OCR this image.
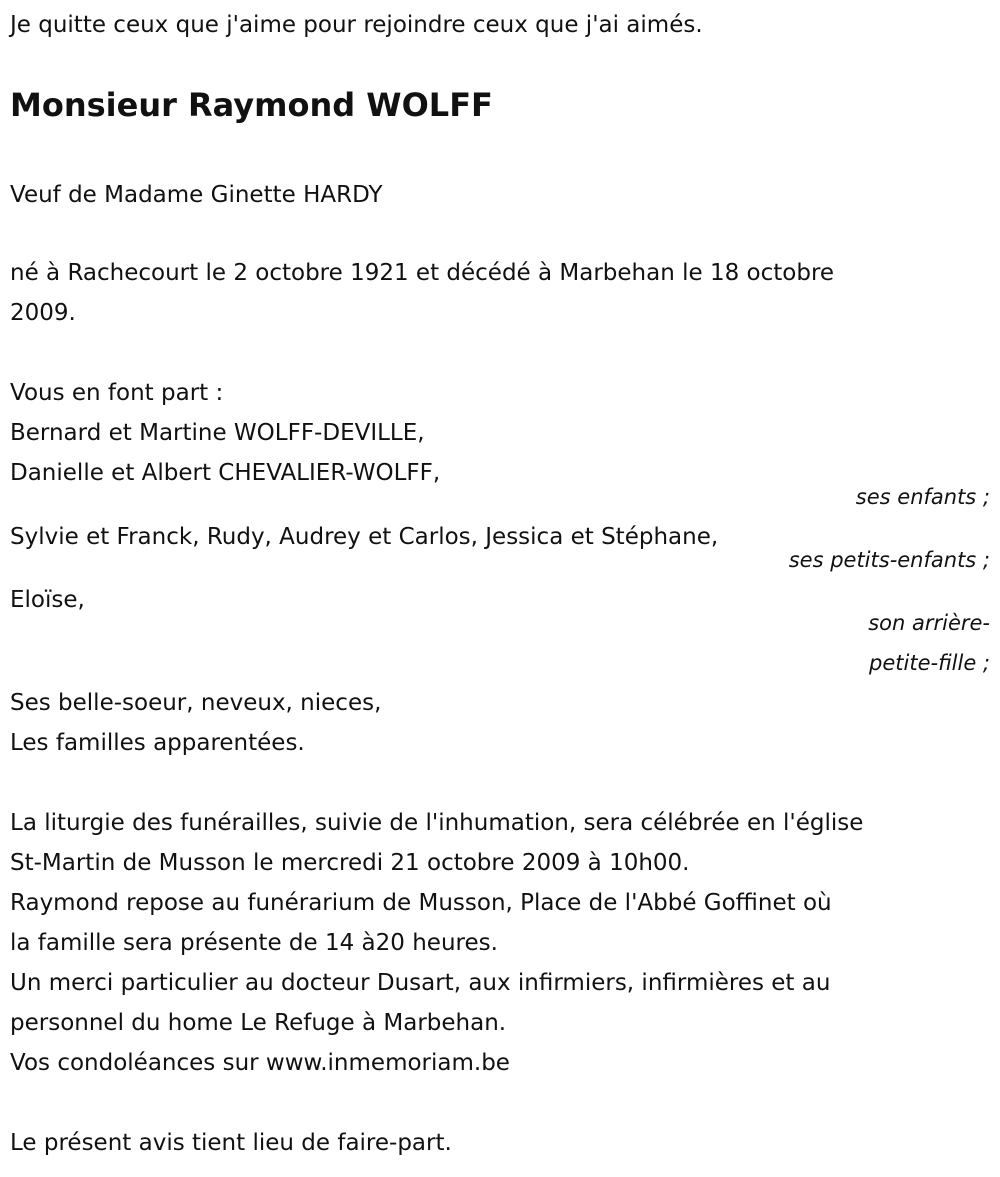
Je quitte ceux que j'aime pour rejoindre ceux que j'ai aimés.
Monsieur Raymond WOLFF
Veuf de Madame Ginette HARDY
né à Rachecourt le 2 octobre 1921 et décédé à Marbehan le 18 octobre
2009.
Vous en font part :
Bernard et Martine WOLFF-DEVILLE,
Danielle et Albert CHEVALIER-WOLFF,
ses enfants ;
Sylvie et Franck, Rudy, Audrey et Carlos, Jessica et Stéphane,
ses petits-enfants ;
Eloïse,
son arrière-
petite-fille ;
Ses belle-soeur, neveux, nieces,
Les familles apparentées.
La liturgie des funérailles, suivie de l'inhumation, sera célébrée en l'église
St-Martin de Musson le mercredi 21 octobre 2009 à 10h00.
Raymond repose au funérarium de Musson, Place de l'Abbé Goffinet où
la famille sera présente de 14 à20 heures.
Un merci particulier au docteur Dusart, aux infirmiers, infirmières et au
personnel du home Le Refuge à Marbehan.
Vos condoléances sur www.inmemoriam.be
Le présent avis tient lieu de faire-part.
